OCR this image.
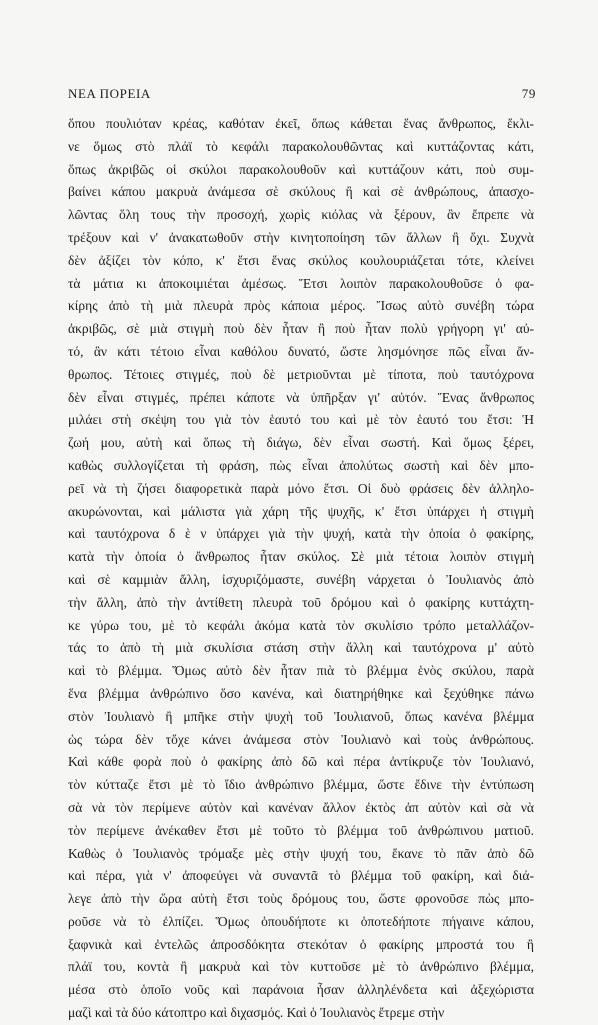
ΝΕΑ ΠΟΡΕΙΑ	79
ὅπου πουλιόταν κρέας, καθόταν ἐκεῖ, ὅπως κάθεται ἕνας ἄνθρωπος, ἔκλι-
νε ὅμως στὸ πλάϊ τὸ κεφάλι παρακολουθῶντας καὶ κυττάζοντας κάτι,
ὅπως ἀκριβῶς οἱ σκύλοι παρακολουθοῦν καὶ κυττάζουν κάτι, ποὺ συμ-
βαίνει κάπου μακρυὰ ἀνάμεσα σὲ σκύλους ἢ καὶ σὲ ἀνθρώπους, ἀπασχο-
λῶντας ὅλη τους τὴν προσοχή, χωρὶς κιόλας νὰ ξέρουν, ἂν ἔπρεπε νὰ
τρέξουν καὶ ν' ἀνακατωθοῦν στὴν κινητοποίηση τῶν ἄλλων ἢ ὄχι. Συχνὰ
δὲν ἀξίζει τὸν κόπο, κ' ἔτσι ἕνας σκύλος κουλουριάζεται τότε, κλείνει
τὰ μάτια κι ἀποκοιμιέται ἀμέσως. Ἔτσι λοιπὸν παρακολουθοῦσε ὁ φα-
κίρης ἀπὸ τὴ μιὰ πλευρὰ πρὸς κάποια μέρος. Ἴσως αὐτὸ συνέβη τώρα
ἀκριβῶς, σὲ μιὰ στιγμὴ ποὺ δὲν ἦταν ἢ ποὺ ἦταν πολὺ γρήγορη γι' αὐ-
τό, ἂν κάτι τέτοιο εἶναι καθόλου δυνατό, ὥστε λησμόνησε πῶς εἶναι ἄν-
θρωπος. Τέτοιες στιγμές, ποὺ δὲ μετριοῦνται μὲ τίποτα, ποὺ ταυτόχρονα
δὲν εἶναι στιγμές, πρέπει κάποτε νὰ ὑπῆρξαν γι' αὐτόν. Ἕνας ἄνθρωπος
μιλάει στὴ σκέψη του γιὰ τὸν ἑαυτό του καὶ μὲ τὸν ἑαυτό του ἔτσι: Ἡ
ζωή μου, αὐτὴ καὶ ὅπως τὴ διάγω, δὲν εἶναι σωστή. Καὶ ὅμως ξέρει,
καθὼς συλλογίζεται τὴ φράση, πὼς εἶναι ἀπολύτως σωστὴ καὶ δὲν μπο-
ρεῖ νὰ τὴ ζήσει διαφορετικὰ παρὰ μόνο ἔτσι. Οἱ δυὸ φράσεις δὲν ἀλληλο-
ακυρώνονται, καὶ μάλιστα γιὰ χάρη τῆς ψυχῆς, κ' ἔτσι ὑπάρχει ἡ στιγμὴ
καὶ ταυτόχρονα δ ὲ ν ὑπάρχει γιὰ τὴν ψυχή, κατὰ τὴν ὁποία ὁ φακίρης,
κατὰ τὴν ὁποία ὁ ἄνθρωπος ἦταν σκύλος. Σὲ μιὰ τέτοια λοιπὸν στιγμὴ
καὶ σὲ καμμιὰν ἄλλη, ἰσχυριζόμαστε, συνέβη νάρχεται ὁ Ἰουλιανὸς ἀπὸ
τὴν ἄλλη, ἀπὸ τὴν ἀντίθετη πλευρὰ τοῦ δρόμου καὶ ὁ φακίρης κυττάχτη-
κε γύρω του, μὲ τὸ κεφάλι ἀκόμα κατὰ τὸν σκυλίσιο τρόπο μεταλλάζον-
τάς το ἀπὸ τὴ μιὰ σκυλίσια στάση στὴν ἄλλη καὶ ταυτόχρονα μ' αὐτὸ
καὶ τὸ βλέμμα. Ὅμως αὐτὸ δὲν ἦταν πιὰ τὸ βλέμμα ἑνὸς σκύλου, παρὰ
ἕνα βλέμμα ἀνθρώπινο ὅσο κανένα, καὶ διατηρήθηκε καὶ ξεχύθηκε πάνω
στὸν Ἰουλιανὸ ἢ μπῆκε στὴν ψυχὴ τοῦ Ἰουλιανοῦ, ὅπως κανένα βλέμμα
ὡς τώρα δὲν τὄχε κάνει ἀνάμεσα στὸν Ἰουλιανὸ καὶ τοὺς ἀνθρώπους.
Καὶ κάθε φορὰ ποὺ ὁ φακίρης ἀπὸ δῶ καὶ πέρα ἀντίκρυζε τὸν Ἰουλιανό,
τὸν κύτταζε ἔτσι μὲ τὸ ἴδιο ἀνθρώπινο βλέμμα, ὥστε ἔδινε τὴν ἐντύπωση
σὰ νὰ τὸν περίμενε αὐτὸν καὶ κανέναν ἄλλον ἐκτὸς ἀπ αὐτὸν καὶ σὰ νὰ
τὸν περίμενε ἀνέκαθεν ἔτσι μὲ τοῦτο τὸ βλέμμα τοῦ ἀνθρώπινου ματιοῦ.
Καθὼς ὁ Ἰουλιανὸς τρόμαξε μὲς στὴν ψυχή του, ἔκανε τὸ πᾶν ἀπὸ δῶ
καὶ πέρα, γιὰ ν' ἀποφεύγει νὰ συναντᾶ τὸ βλέμμα τοῦ φακίρη, καὶ διά-
λεγε ἀπὸ τὴν ὥρα αὐτὴ ἔτσι τοὺς δρόμους του, ὥστε φρονοῦσε πὼς μπο-
ροῦσε νὰ τὸ ἐλπίζει. Ὅμως ὁπουδήποτε κι ὁποτεδήποτε πήγαινε κάπου,
ξαφνικὰ καὶ ἐντελῶς ἀπροσδόκητα στεκόταν ὁ φακίρης μπροστά του ἢ
πλάϊ του, κοντὰ ἢ μακρυὰ καὶ τὸν κυττοῦσε μὲ τὸ ἀνθρώπινο βλέμμα,
μέσα στὸ ὁποῖο νοῦς καὶ παράνοια ἦσαν ἀλληλένδετα καὶ ἀξεχώριστα
μαζὶ καὶ τὰ δύο κάτοπτρο καὶ διχασμός. Καὶ ὁ Ἰουλιανὸς ἔτρεμε στὴν
